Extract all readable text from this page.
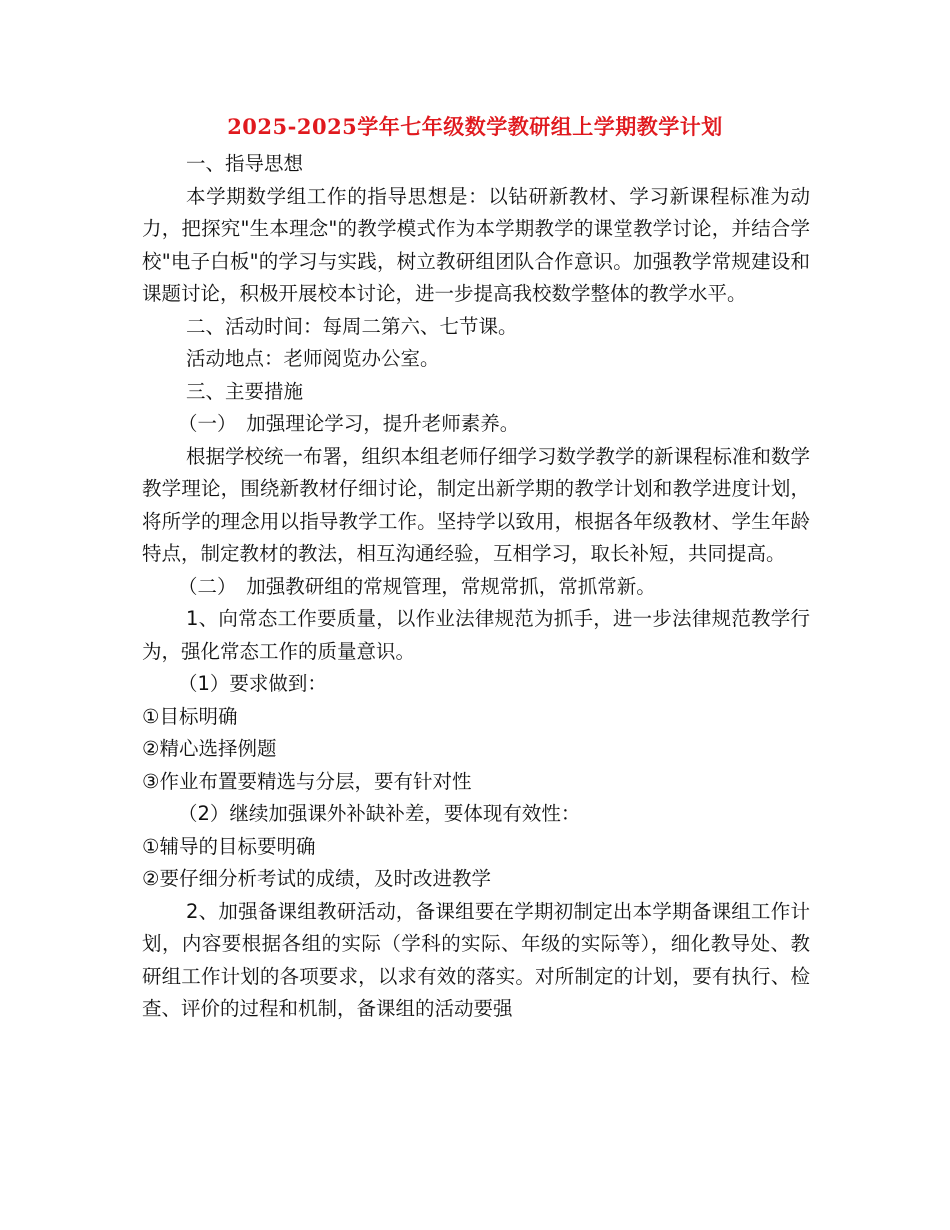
2025-2025学年七年级数学教研组上学期教学计划

一、指导思想

本学期数学组工作的指导思想是：以钻研新教材、学习新课程标准为动力，把探究"生本理念"的教学模式作为本学期教学的课堂教学讨论，并结合学校"电子白板"的学习与实践，树立教研组团队合作意识。加强教学常规建设和课题讨论，积极开展校本讨论，进一步提高我校数学整体的教学水平。

二、活动时间：每周二第六、七节课。

活动地点：老师阅览办公室。

三、主要措施

（一）　加强理论学习，提升老师素养。

根据学校统一布署，组织本组老师仔细学习数学教学的新课程标准和数学教学理论，围绕新教材仔细讨论，制定出新学期的教学计划和教学进度计划，将所学的理念用以指导教学工作。坚持学以致用，根据各年级教材、学生年龄特点，制定教材的教法，相互沟通经验，互相学习，取长补短，共同提高。

（二）　加强教研组的常规管理，常规常抓，常抓常新。

1、向常态工作要质量，以作业法律规范为抓手，进一步法律规范教学行为，强化常态工作的质量意识。

（1）要求做到：

①目标明确

②精心选择例题

③作业布置要精选与分层，要有针对性

（2）继续加强课外补缺补差，要体现有效性：

①辅导的目标要明确

②要仔细分析考试的成绩，及时改进教学

2、加强备课组教研活动，备课组要在学期初制定出本学期备课组工作计划，内容要根据各组的实际（学科的实际、年级的实际等），细化教导处、教研组工作计划的各项要求，以求有效的落实。对所制定的计划，要有执行、检查、评价的过程和机制，备课组的活动要强
